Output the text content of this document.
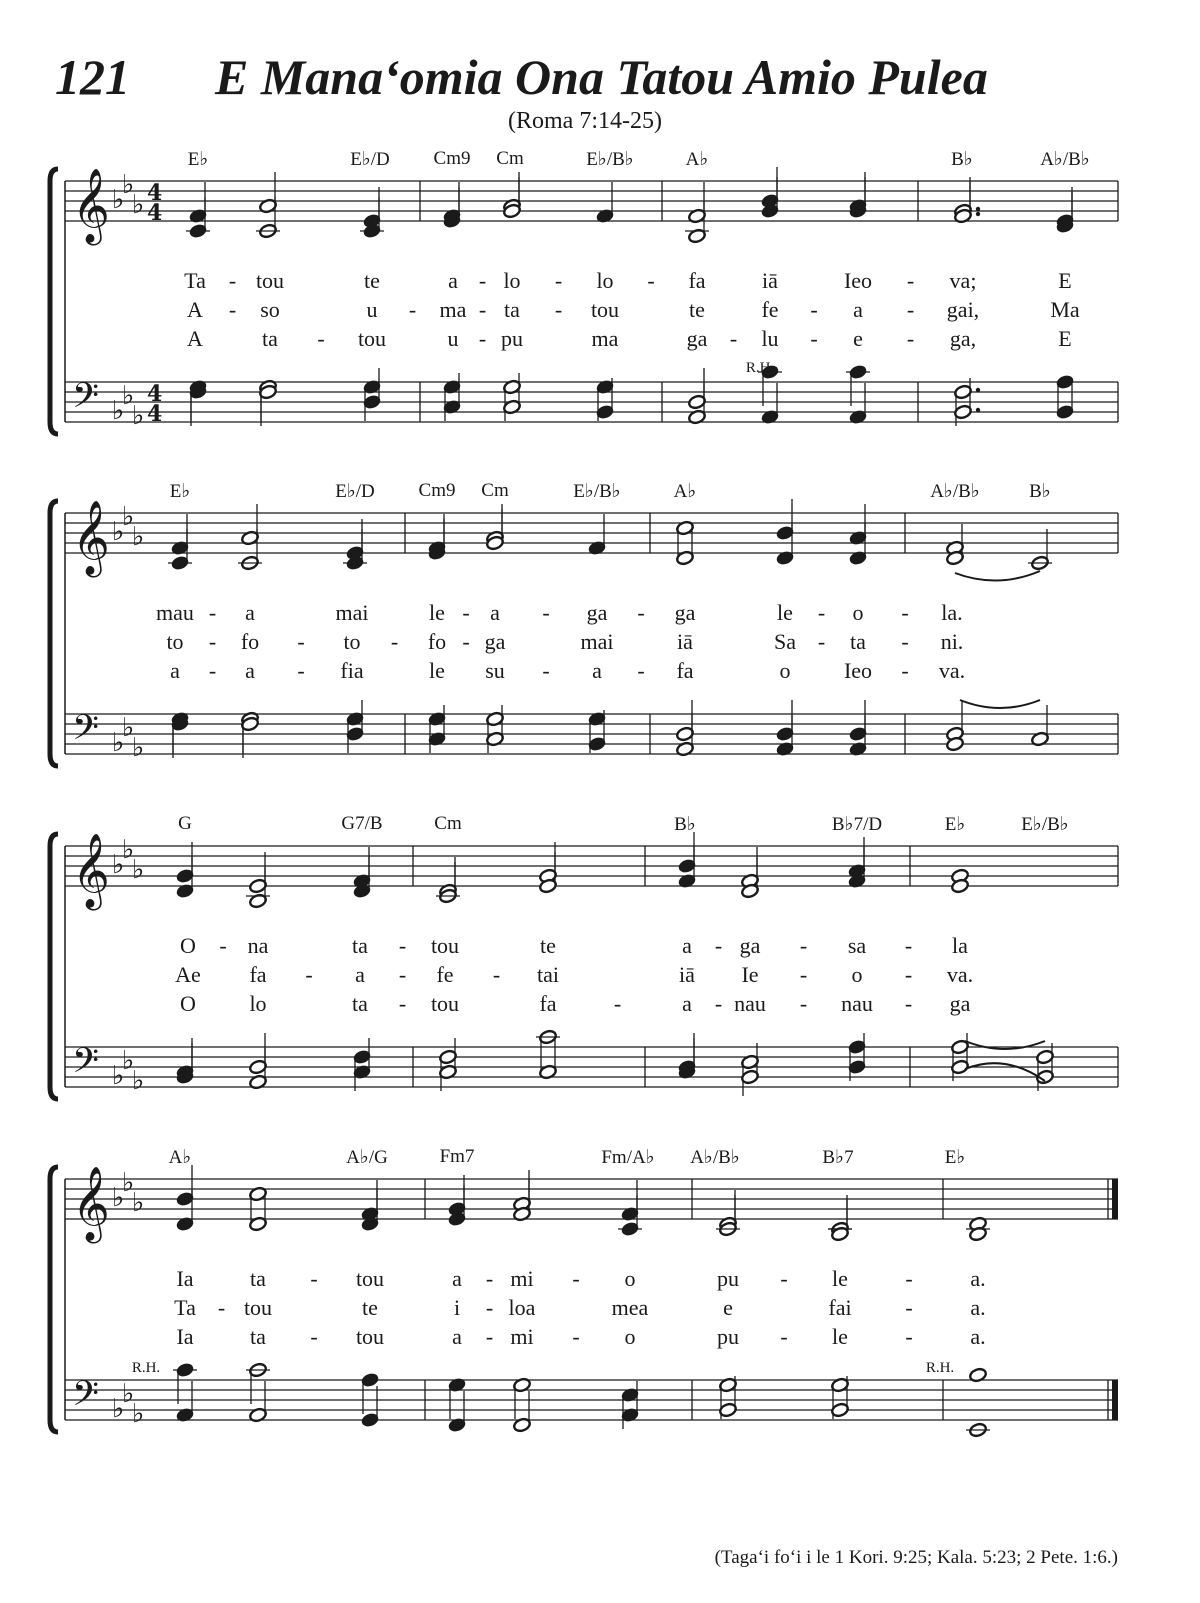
121 E Mana‘omia Ona Tatou Amio Pulea
(Roma 7:14-25)
𝄞
𝄢
♭
♭
♭
♭
♭
♭
4
4
4
4
E♭	E♭/D Cm9 Cm	E♭/B♭	A♭	B♭	A♭/B♭
R.H.
Ta tou	te	a lo	lo	fa	iā	Ieo	va;	E
-	-	-	-	-
A	so	u	ma ta	tou	te	fe	a	gai,	Ma
-	-	-	-	-	-
A	ta	tou	u pu	ma	ga lu	e	ga,	E
-	-	-	-	-
𝄞
𝄢
♭
♭
♭
♭
♭
♭
E♭	E♭/D Cm9 Cm	E♭/B♭	A♭	A♭/B♭	B♭
mau a	mai	le a	ga	ga	le	o	la.
-	-	-	-	-	-
to	fo	to	fo ga	mai	iā	Sa ta	ni.
-	-	-	-	-	-
a	a	fia	le su	a	fa	o Ieo	va.
-	-	-	-	-
𝄞
𝄢
♭
♭
♭
♭
♭
♭
G	G7/B	Cm	B♭	B♭7/D	E♭	E♭/B♭
O na	ta	tou	te	a ga	sa	la
-	-	-	-	-
Ae fa	a	fe	tai	iā Ie	o	va.
-	-	-	-	-
O lo	ta	tou	fa	a nau	nau	ga
-	-	-	-	-
𝄞
𝄢
♭
♭
♭
♭
♭
♭
A♭	A♭/G	Fm7	Fm/A♭ A♭/B♭	B♭7	E♭
R.H.	R.H.
Ia	ta	tou	a mi	o	pu	le	a.
-	-	-	-	-
Ta tou	te	i loa	mea	e	fai	a.
-	-	-
Ia	ta	tou	a mi	o	pu	le	a.
-	-	-	-	-
(Taga‘i fo‘i i le 1 Kori. 9:25; Kala. 5:23; 2 Pete. 1:6.)
